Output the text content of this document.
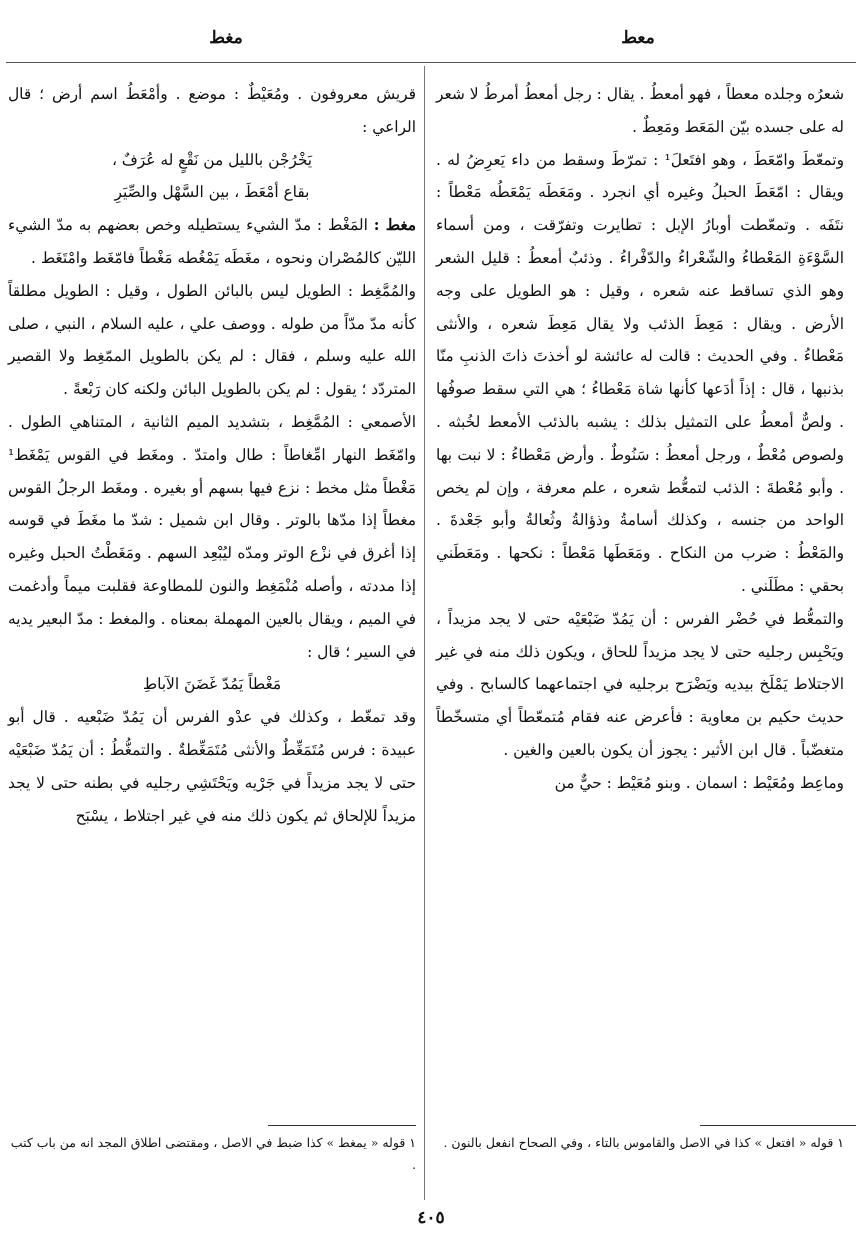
معط
مغط

شعرُه وجلده معطاً ، فهو أمعطُ . يقال : رجل أمعطُ أمرطُ لا شعر له على جسده بيّن المَعَط ومَعِطٌ .

وتمعّطَ وامّعَطَ ، وهو افتَعلَ¹ : تمرّطَ وسقط من داء يَعرِضُ له . ويقال : امّعَطَ الحبلُ وغيره أي انجرد . ومَعَطَه يَمْعَطُه مَعْطاً : نتَفَه . وتمعّطت أوبارُ الإبل : تطايرت وتفرّقت ، ومن أسماء السَّوْءَةِ المَعْطاءُ والشّعْراءُ والدّفْراءُ . وذئبٌ أمعطُ : قليل الشعر وهو الذي تساقط عنه شعره ، وقيل : هو الطويل على وجه الأرض . ويقال : مَعِطَ الذئب ولا يقال مَعِطَ شعره ، والأنثى مَعْطاءُ . وفي الحديث : قالت له عائشة لو أخذتَ ذاتَ الذنبِ منّا بذنبها ، قال : إذاً أدَعها كأنها شاة مَعْطاءُ ؛ هي التي سقط صوفُها . ولصٌّ أمعطُ على التمثيل بذلك : يشبه بالذئب الأمعط لخُبثه . ولصوص مُعْطٌ ، ورجل أمعطُ : سَنُوطٌ . وأرض مَعْطاءُ : لا نبت بها . وأبو مُعْطةَ : الذئب لتمعُّط شعره ، علم معرفة ، وإن لم يخص الواحد من جنسه ، وكذلك أسامةُ وذؤالةُ وثُعالةُ وأبو جَعْدةَ . والمَعْطُ : ضرب من النكاح . ومَعَطَها مَعْطاً : نكحها . ومَعَطَني بحقي : مطَلَني .

والتمعُّط في حُضْر الفرس : أن يَمُدّ ضَبْعَيْه حتى لا يجد مزيداً ، ويَحْبِس رجليه حتى لا يجد مزيداً للحاق ، ويكون ذلك منه في غير الاجتلاط يَمْلَخ بيديه ويَضْرَح برجليه في اجتماعهما كالسابح . وفي حديث حكيم بن معاوية : فأعرض عنه فقام مُتمعّطاً أي متسخّطاً متغضّباً . قال ابن الأثير : يجوز أن يكون بالعين والغين .

وماعِط ومُعَيْط : اسمان . وبنو مُعَيْط : حيٌّ من

قريش معروفون . ومُعَيْطٌ : موضع . وأمْعَطُ اسم أرض ؛ قال الراعي :

يَخْرُجْن بالليل من نَقْعٍ له عُرَفٌ ،

بقاع أمْعَطَ ، بين السَّهْل والصِّيَرِ

مغط : المَغْط : مدّ الشيء يستطيله وخص بعضهم به مدّ الشيء الليّن كالمُصْران ونحوه ، مغَطَه يَمْغُطه مَغْطاً فامّغَط وامْتَغَط .

والمُمَّغِط : الطويل ليس بالبائن الطول ، وقيل : الطويل مطلقاً كأنه مدّ مدّاً من طوله . ووصف علي ، عليه السلام ، النبي ، صلى الله عليه وسلم ، فقال : لم يكن بالطويل الممّغِط ولا القصير المتردّد ؛ يقول : لم يكن بالطويل البائن ولكنه كان رَبْعةً .

الأصمعي : المُمَّغِط ، بتشديد الميم الثانية ، المتناهي الطول . وامّغَط النهار امِّغاطاً : طال وامتدّ . ومغَط في القوس يَمْغَط¹ مَغْطاً مثل مخط : نزع فيها بسهم أو بغيره . ومغَط الرجلُ القوس مغطاً إذا مدّها بالوتر . وقال ابن شميل : شدّ ما مغَطَ في قوسه إذا أغرق في نزْع الوتر ومدّه ليُبْعِد السهم . ومَغَطْتُ الحبل وغيره إذا مددته ، وأصله مُنْمَغِط والنون للمطاوعة فقلبت ميماً وأدغمت في الميم ، ويقال بالعين المهملة بمعناه . والمغط : مدّ البعير يديه في السير ؛ قال :

مَغْطاً يَمُدّ غَضَنَ الآباطِ

وقد تمغّط ، وكذلك في عدْو الفرس أن يَمُدّ ضَبْعيه . قال أبو عبيدة : فرس مُتَمَغِّطٌ والأنثى مُتَمَغِّطةٌ . والتمغُّطُ : أن يَمُدّ ضَبْعَيْه حتى لا يجد مزيداً في جَرْيه ويَحْتَشِي رجليه في بطنه حتى لا يجد مزيداً للإلحاق ثم يكون ذلك منه في غير اجتلاط ، يسْبَح

١ قوله « افتعل » كذا في الاصل والقاموس بالتاء ، وفي الصحاح انفعل بالنون .
١ قوله « يمغط » كذا ضبط في الاصل ، ومقتضى اطلاق المجد انه من باب كتب .
٤٠٥
